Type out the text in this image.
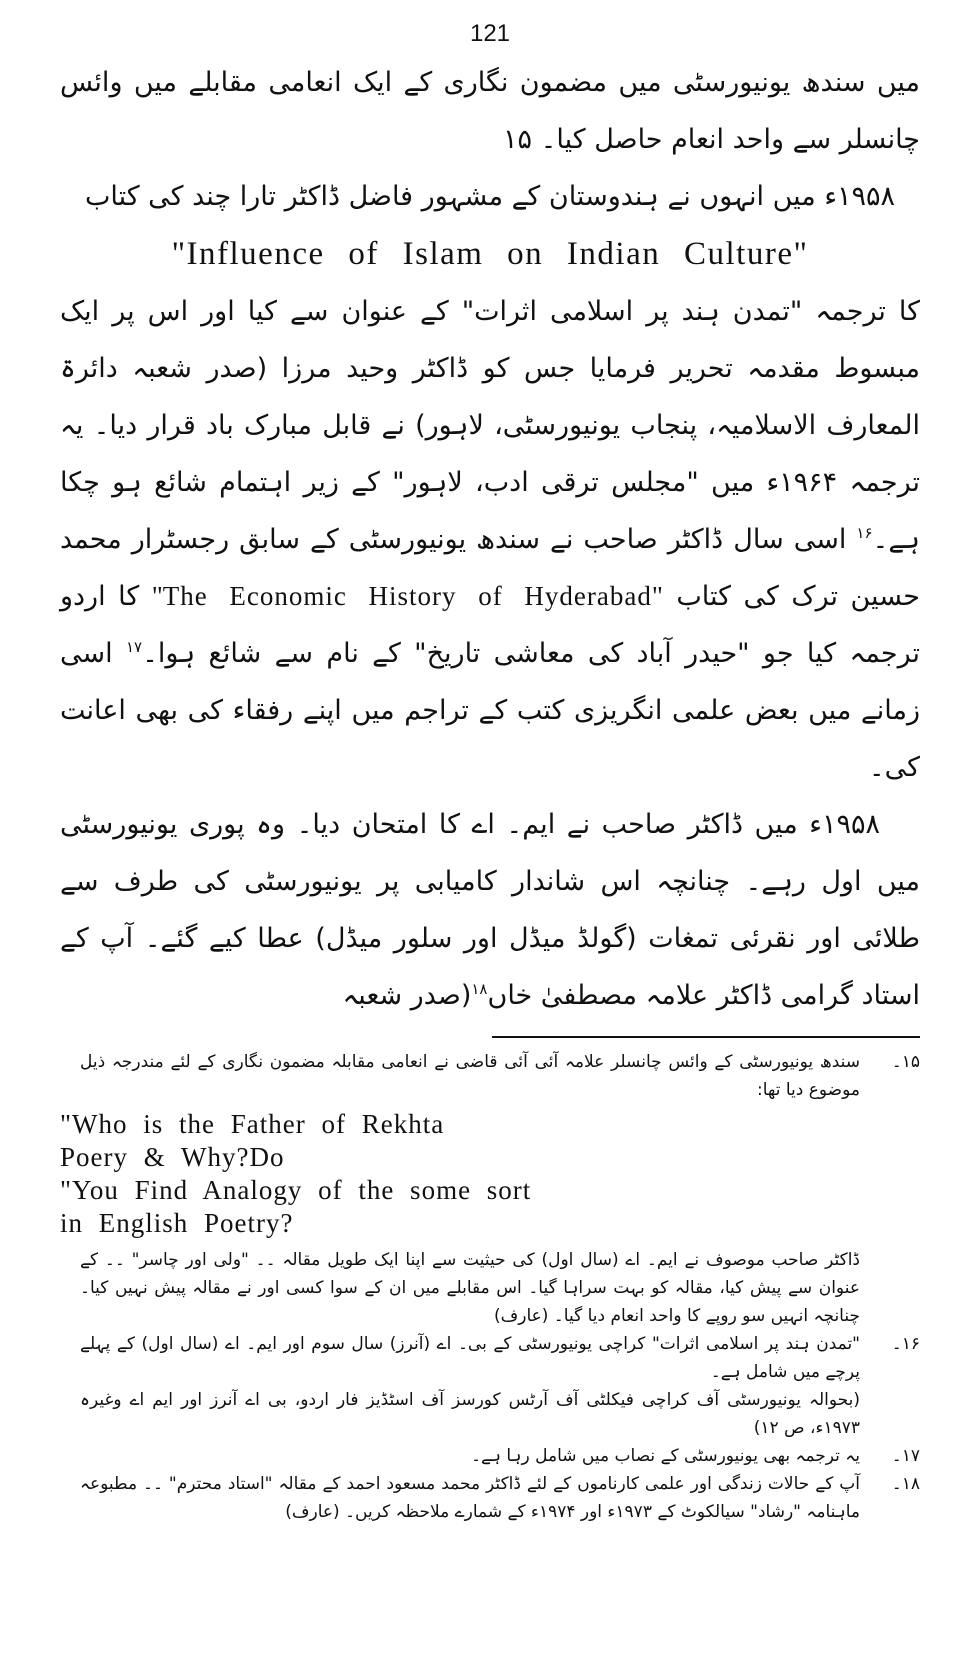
121

میں سندھ یونیورسٹی میں مضمون نگاری کے ایک انعامی مقابلے میں وائس چانسلر سے واحد انعام حاصل کیا۔ ۱۵

۱۹۵۸ء میں انہوں نے ہندوستان کے مشہور فاضل ڈاکٹر تارا چند کی کتاب

"Influence of Islam on Indian Culture"

کا ترجمہ "تمدن ہند پر اسلامی اثرات" کے عنوان سے کیا اور اس پر ایک مبسوط مقدمہ تحریر فرمایا جس کو ڈاکٹر وحید مرزا (صدر شعبہ دائرۃ المعارف الاسلامیہ، پنجاب یونیورسٹی، لاہور) نے قابل مبارک باد قرار دیا۔ یہ ترجمہ ۱۹۶۴ء میں "مجلس ترقی ادب، لاہور" کے زیر اہتمام شائع ہو چکا ہے۔$^{۱۶}$ اسی سال ڈاکٹر صاحب نے سندھ یونیورسٹی کے سابق رجسٹرار محمد حسین ترک کی کتاب "The Economic History of Hyderabad" کا اردو ترجمہ کیا جو "حیدر آباد کی معاشی تاریخ" کے نام سے شائع ہوا۔$^{۱۷}$ اسی زمانے میں بعض علمی انگریزی کتب کے تراجم میں اپنے رفقاء کی بھی اعانت کی۔

۱۹۵۸ء میں ڈاکٹر صاحب نے ایم۔ اے کا امتحان دیا۔ وہ پوری یونیورسٹی میں اول رہے۔ چنانچہ اس شاندار کامیابی پر یونیورسٹی کی طرف سے طلائی اور نقرئی تمغات (گولڈ میڈل اور سلور میڈل) عطا کیے گئے۔ آپ کے استاد گرامی ڈاکٹر علامہ مصطفیٰ خاں$^{۱۸}$(صدر شعبہ

۱۵۔
سندھ یونیورسٹی کے وائس چانسلر علامہ آئی آئی قاضی نے انعامی مقابلہ مضمون نگاری کے لئے مندرجہ ذیل موضوع دیا تھا:
"Who is the Father of Rekhta
Poery & Why?Do
"You Find Analogy of the some sort
in English Poetry?
ڈاکٹر صاحب موصوف نے ایم۔ اے (سال اول) کی حیثیت سے اپنا ایک طویل مقالہ ۔۔ "ولی اور چاسر" ۔۔ کے عنوان سے پیش کیا، مقالہ کو بہت سراہا گیا۔ اس مقابلے میں ان کے سوا کسی اور نے مقالہ پیش نہیں کیا۔ چنانچہ انہیں سو روپے کا واحد انعام دیا گیا۔ (عارف)
۱۶۔
"تمدن ہند پر اسلامی اثرات" کراچی یونیورسٹی کے بی۔ اے (آنرز) سال سوم اور ایم۔ اے (سال اول) کے پہلے پرچے میں شامل ہے۔
(بحوالہ یونیورسٹی آف کراچی فیکلٹی آف آرٹس کورسز آف اسٹڈیز فار اردو، بی اے آنرز اور ایم اے وغیرہ ۱۹۷۳ء، ص ۱۲)
۱۷۔
یہ ترجمہ بھی یونیورسٹی کے نصاب میں شامل رہا ہے۔
۱۸۔
آپ کے حالات زندگی اور علمی کارناموں کے لئے ڈاکٹر محمد مسعود احمد کے مقالہ "استاد محترم" ۔۔ مطبوعہ ماہنامہ "رشاد" سیالکوٹ کے ۱۹۷۳ء اور ۱۹۷۴ء کے شمارے ملاحظہ کریں۔ (عارف)
